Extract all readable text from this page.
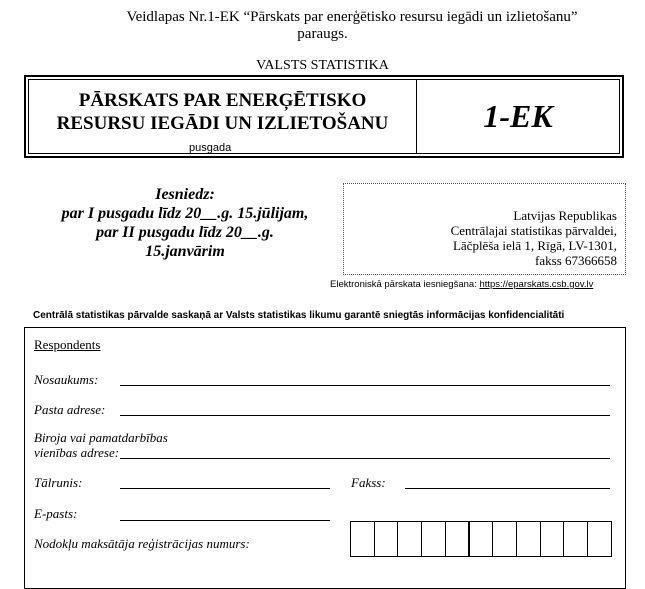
Veidlapas Nr.1-EK “Pārskats par enerģētisko resursu iegādi un izlietošanu”
paraugs.
VALSTS STATISTIKA
PĀRSKATS PAR ENERĢĒTISKO
RESURSU IEGĀDI UN IZLIETOŠANU
pusgada
1-EK
Iesniedz:
par I pusgadu līdz 20__.g. 15.jūlijam,
par II pusgadu līdz 20__.g.
15.janvārim
Latvijas Republikas
Centrālajai statistikas pārvaldei,
Lāčplēša ielā 1, Rīgā, LV-1301,
fakss 67366658
Elektroniskā pārskata iesniegšana: https://eparskats.csb.gov.lv
Centrālā statistikas pārvalde saskaņā ar Valsts statistikas likumu garantē sniegtās informācijas konfidencialitāti
Respondents
Nosaukums:
Pasta adrese:
Biroja vai pamatdarbības
vienības adrese:
Tālrunis:	Fakss:
E-pasts:
Nodokļu maksātāja reģistrācijas numurs:
